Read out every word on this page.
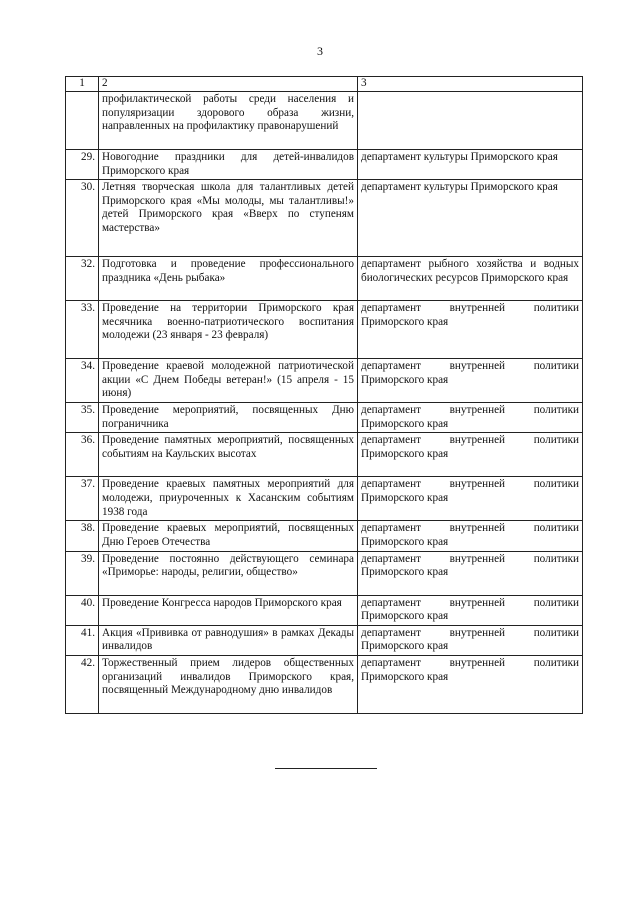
3
1	2	3
	профилактической работы среди населения и популяризации здорового образа жизни, направленных на профилактику правонарушений	
29.	Новогодние праздники для детей-инвалидов Приморского края	департамент культуры Приморского края
30.	Летняя творческая школа для талантливых детей Приморского края «Мы молоды, мы талантливы!» детей Приморского края «Вверх по ступеням мастерства»	департамент культуры Приморского края
32.	Подготовка и проведение профессионального праздника «День рыбака»	департамент рыбного хозяйства и водных биологических ресурсов Приморского края
33.	Проведение на территории Приморского края месячника военно-патриотического воспитания молодежи (23 января - 23 февраля)	департамент внутренней политики Приморского края
34.	Проведение краевой молодежной патриотической акции «С Днем Победы ветеран!» (15 апреля - 15 июня)	департамент внутренней политики Приморского края
35.	Проведение мероприятий, посвященных Дню пограничника	департамент внутренней политики Приморского края
36.	Проведение памятных мероприятий, посвященных событиям на Каульских высотах	департамент внутренней политики Приморского края
37.	Проведение краевых памятных мероприятий для молодежи, приуроченных к Хасанским событиям 1938 года	департамент внутренней политики Приморского края
38.	Проведение краевых мероприятий, посвященных Дню Героев Отечества	департамент внутренней политики Приморского края
39.	Проведение постоянно действующего семинара «Приморье: народы, религии, общество»	департамент внутренней политики Приморского края
40.	Проведение Конгресса народов Приморского края	департамент внутренней политики Приморского края
41.	Акция «Прививка от равнодушия» в рамках Декады инвалидов	департамент внутренней политики Приморского края
42.	Торжественный прием лидеров общественных организаций инвалидов Приморского края, посвященный Международному дню инвалидов	департамент внутренней политики Приморского края
